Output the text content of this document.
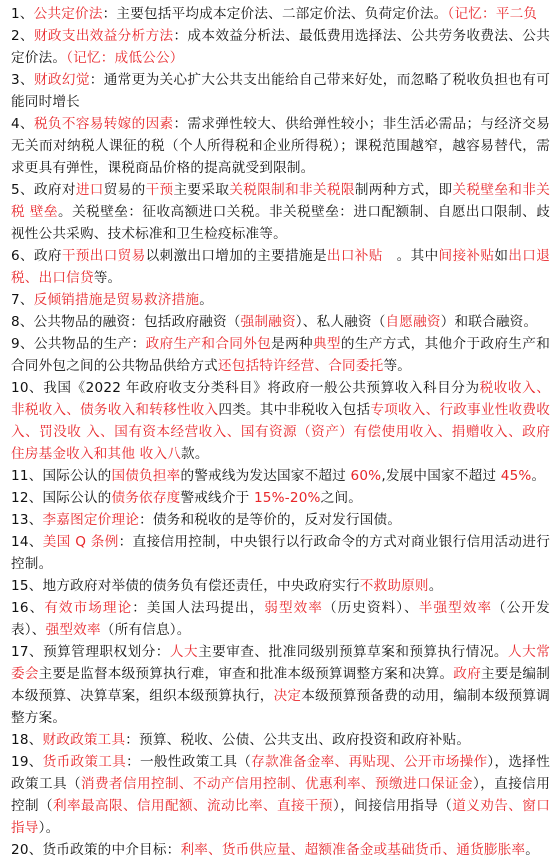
1、公共定价法：主要包括平均成本定价法、二部定价法、负荷定价法。（记忆：平二负

2、财政支出效益分析方法：成本效益分析法、最低费用选择法、公共劳务收费法、公共定价法。（记忆：成低公公）

3、财政幻觉：通常更为关心扩大公共支出能给自己带来好处，而忽略了税收负担也有可能同时增长

4、税负不容易转嫁的因素：需求弹性较大、供给弹性较小；非生活必需品；与经济交易无关而对纳税人课征的税（个人所得税和企业所得税）；课税范围越窄，越容易替代，需求更具有弹性，课税商品价格的提高就受到限制。

5、政府对进口贸易的干预主要采取关税限制和非关税限制两种方式，即关税壁垒和非关税 壁垒。关税壁垒：征收高额进口关税。非关税壁垒：进口配额制、自愿出口限制、歧视性公共采购、技术标准和卫生检疫标准等。

6、政府干预出口贸易以刺激出口增加的主要措施是出口补贴　。其中间接补贴如出口退税、出口信贷等。

7、反倾销措施是贸易救济措施。

8、公共物品的融资：包括政府融资（强制融资）、私人融资（自愿融资）和联合融资。

9、公共物品的生产：政府生产和合同外包是两种典型的生产方式，其他介于政府生产和合同外包之间的公共物品供给方式还包括特许经营、合同委托等。

10、我国《2022 年政府收支分类科目》将政府一般公共预算收入科目分为税收收入、非税收入、债务收入和转移性收入四类。其中非税收入包括专项收入、行政事业性收费收入、罚没收 入、国有资本经营收入、国有资源（资产）有偿使用收入、捐赠收入、政府住房基金收入和其他 收入八款。

11、国际公认的国债负担率的警戒线为发达国家不超过 60%,发展中国家不超过 45%。

12、国际公认的债务依存度警戒线介于 15%-20%之间。

13、李嘉图定价理论：债务和税收的是等价的，反对发行国债。

14、美国 Q 条例：直接信用控制，中央银行以行政命令的方式对商业银行信用活动进行控制。

15、地方政府对举债的债务负有偿还责任，中央政府实行不救助原则。

16、有效市场理论：美国人法玛提出，弱型效率（历史资料）、半强型效率（公开发表）、强型效率（所有信息）。

17、预算管理职权划分：人大主要审查、批准同级别预算草案和预算执行情况。人大常委会主要是监督本级预算执行难，审查和批准本级预算调整方案和决算。政府主要是编制本级预算、决算草案，组织本级预算执行，决定本级预算预备费的动用，编制本级预算调整方案。

18、财政政策工具：预算、税收、公债、公共支出、政府投资和政府补贴。

19、货币政策工具：一般性政策工具（存款准备金率、再贴现、公开市场操作），选择性政策工具（消费者信用控制、不动产信用控制、优惠利率、预缴进口保证金），直接信用控制（利率最高限、信用配额、流动比率、直接干预），间接信用指导（道义劝告、窗口指导）。

20、货币政策的中介目标：利率、货币供应量、超额准备金或基础货币、通货膨胀率。
